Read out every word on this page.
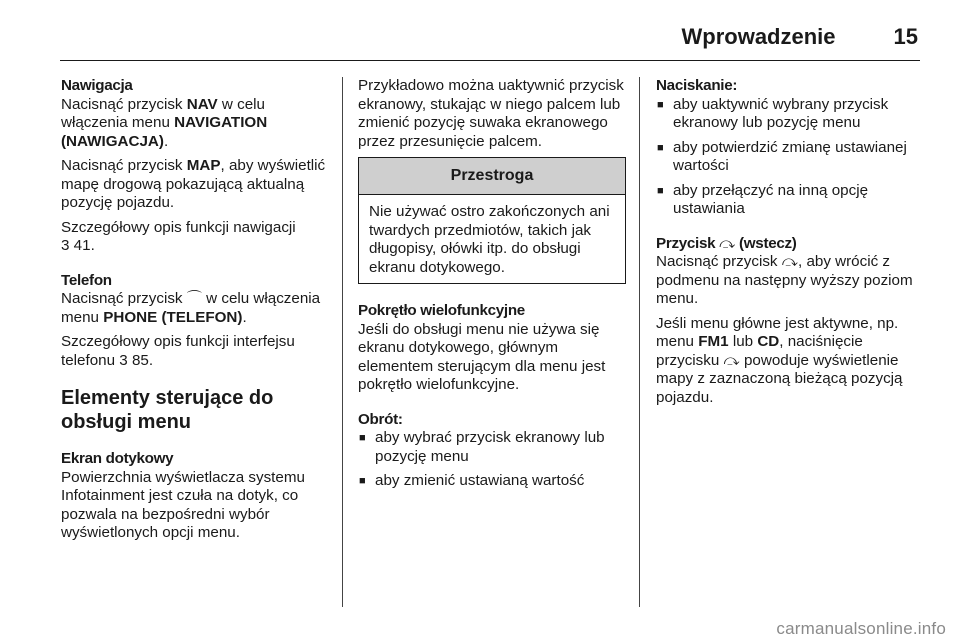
Wprowadzenie	15

Nawigacja

Nacisnąć przycisk NAV w celu włączenia menu NAVIGATION (NAWIGACJA).

Nacisnąć przycisk MAP, aby wyświetlić mapę drogową pokazującą aktualną pozycję pojazdu.

Szczegółowy opis funkcji nawigacji
3 41.

Telefon

Nacisnąć przycisk ⌒ w celu włączenia menu PHONE (TELEFON).

Szczegółowy opis funkcji interfejsu telefonu 3 85.

Elementy sterujące do obsługi menu

Ekran dotykowy

Powierzchnia wyświetlacza systemu Infotainment jest czuła na dotyk, co pozwala na bezpośredni wybór wyświetlonych opcji menu.

Przykładowo można uaktywnić przycisk ekranowy, stukając w niego palcem lub zmienić pozycję suwaka ekranowego przez przesunięcie palcem.

Przestroga
Nie używać ostro zakończonych ani twardych przedmiotów, takich jak długopisy, ołówki itp. do obsługi ekranu dotykowego.

Pokrętło wielofunkcyjne

Jeśli do obsługi menu nie używa się ekranu dotykowego, głównym elementem sterującym dla menu jest pokrętło wielofunkcyjne.

Obrót:

■ aby wybrać przycisk ekranowy lub pozycję menu
■ aby zmienić ustawianą wartość

Naciskanie:

■ aby uaktywnić wybrany przycisk ekranowy lub pozycję menu
■ aby potwierdzić zmianę ustawianej wartości
■ aby przełączyć na inną opcję ustawiania

Przycisk ⤼ (wstecz)

Nacisnąć przycisk ⤼, aby wrócić z podmenu na następny wyższy poziom menu.

Jeśli menu główne jest aktywne, np. menu FM1 lub CD, naciśnięcie przycisku ⤼ powoduje wyświetlenie mapy z zaznaczoną bieżącą pozycją pojazdu.

carmanualsonline.info
